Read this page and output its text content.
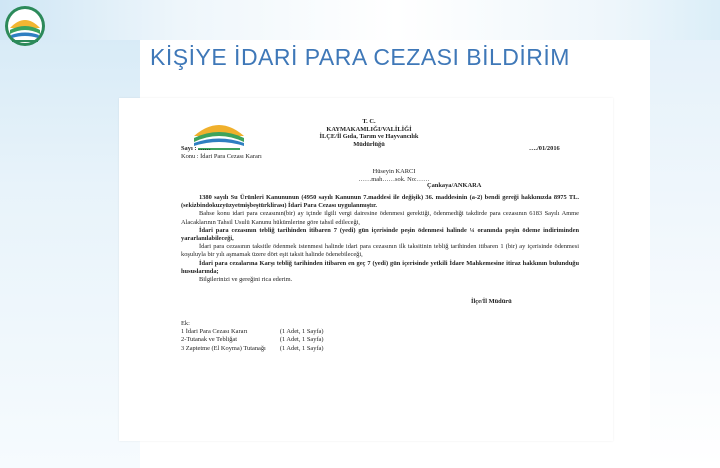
KİŞİYE İDARİ PARA CEZASI BİLDİRİM
T. C.
KAYMAKAMLIĞI/VALİLİĞİ
İLÇE/İl Gıda, Tarım ve Hayvancılık
Müdürlüğü
Sayı : ……	…./01/2016
Konu : İdari Para Cezası Kararı
Hüseyin KARCI
……mah……sok. No:……
Çankaya/ANKARA

1380 sayılı Su Ürünleri Kanununun (4950 sayılı Kanunun 7.maddesi ile değişik) 36. maddesinin (a-2) bendi gereği hakkınızda 8975 TL. (sekizbindokuzyüzyetmişbeştürklirası) İdari Para Cezası uygulanmıştır.

Bahse konu idari para cezasının(bir) ay içinde ilgili vergi dairesine ödenmesi gerektiği, ödenmediği takdirde para cezasının 6183 Sayılı Amme Alacaklarının Tahsil Usulü Kanunu hükümlerine göre tahsil edileceği,

İdari para cezasının tebliğ tarihinden itibaren 7 (yedi) gün içerisinde peşin ödenmesi halinde ¼ oranında peşin ödeme indiriminden yararlanılabileceği,

İdari para cezasının taksitle ödenmek istenmesi halinde idari para cezasının ilk taksitinin tebliğ tarihinden itibaren 1 (bir) ay içerisinde ödenmesi koşuluyla bir yılı aşmamak üzere dört eşit taksit halinde ödenebileceği,

İdari para cezalarına Karşı tebliğ tarihinden itibaren en geç 7 (yedi) gün içerisinde yetkili İdare Mahkemesine itiraz hakkının bulunduğu hususlarında;

Bilgilerinizi ve gereğini rica ederim.

İlçe/İl Müdürü
Ek:
1 İdari Para Cezası Kararı	(1 Adet, 1 Sayfa)
2-Tutanak ve Tebliğat	(1 Adet, 1 Sayfa)
3 Zaptetme (El Koyma) Tutanağı	(1 Adet, 1 Sayfa)
